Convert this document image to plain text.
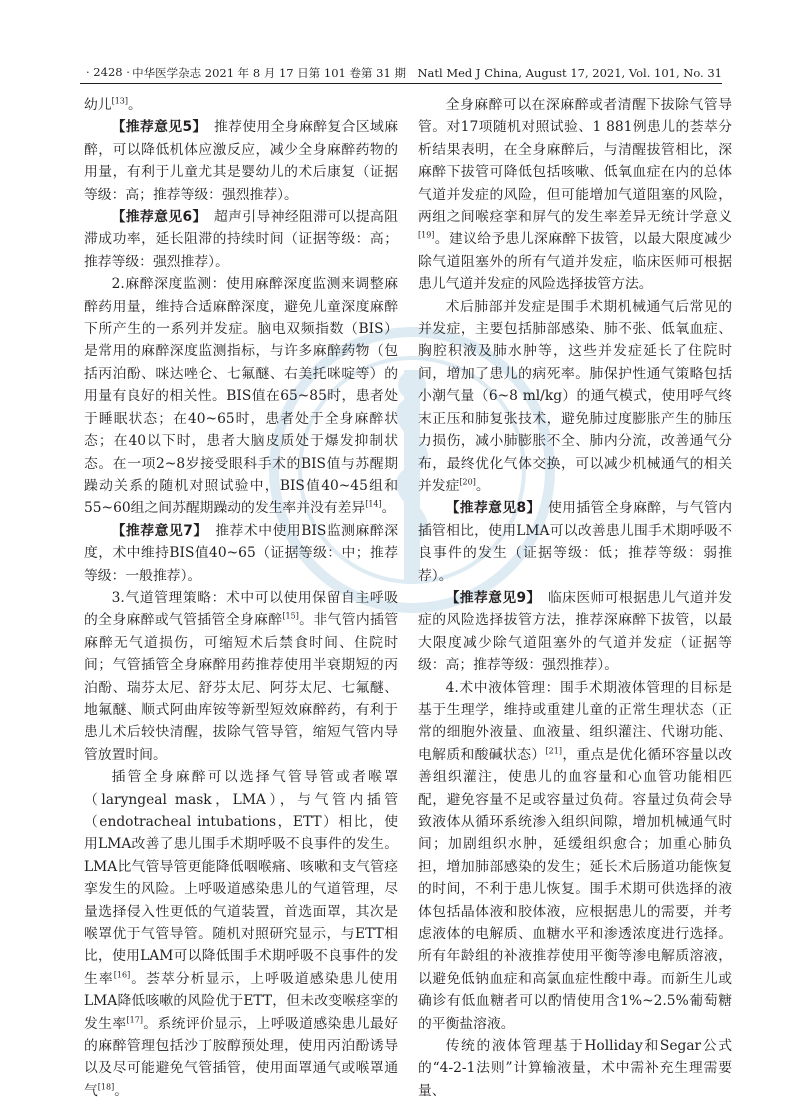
· 2428 · 中华医学杂志 2021 年 8 月 17 日第 101 卷第 31 期　Natl Med J China, August 17, 2021, Vol. 101, No. 31

幼儿[13]。

【推荐意见5】　推荐使用全身麻醉复合区域麻醉，可以降低机体应激反应，减少全身麻醉药物的用量，有利于儿童尤其是婴幼儿的术后康复（证据等级：高；推荐等级：强烈推荐）。

【推荐意见6】　超声引导神经阻滞可以提高阻滞成功率，延长阻滞的持续时间（证据等级：高；推荐等级：强烈推荐）。

2.麻醉深度监测：使用麻醉深度监测来调整麻醉药用量，维持合适麻醉深度，避免儿童深度麻醉下所产生的一系列并发症。脑电双频指数（BIS）是常用的麻醉深度监测指标，与许多麻醉药物（包括丙泊酚、咪达唑仑、七氟醚、右美托咪啶等）的用量有良好的相关性。BIS值在65~85时，患者处于睡眠状态；在40~65时，患者处于全身麻醉状态；在40以下时，患者大脑皮质处于爆发抑制状态。在一项2~8岁接受眼科手术的BIS值与苏醒期躁动关系的随机对照试验中，BIS值40~45组和55~60组之间苏醒期躁动的发生率并没有差异[14]。

【推荐意见7】　推荐术中使用BIS监测麻醉深度，术中维持BIS值40~65（证据等级：中；推荐等级：一般推荐）。

3.气道管理策略：术中可以使用保留自主呼吸的全身麻醉或气管插管全身麻醉[15]。非气管内插管麻醉无气道损伤，可缩短术后禁食时间、住院时间；气管插管全身麻醉用药推荐使用半衰期短的丙泊酚、瑞芬太尼、舒芬太尼、阿芬太尼、七氟醚、地氟醚、顺式阿曲库铵等新型短效麻醉药，有利于患儿术后较快清醒，拔除气管导管，缩短气管内导管放置时间。

插管全身麻醉可以选择气管导管或者喉罩（laryngeal mask，LMA），与气管内插管（endotracheal intubations，ETT）相比，使用LMA改善了患儿围手术期呼吸不良事件的发生。LMA比气管导管更能降低咽喉痛、咳嗽和支气管痉挛发生的风险。上呼吸道感染患儿的气道管理，尽量选择侵入性更低的气道装置，首选面罩，其次是喉罩优于气管导管。随机对照研究显示，与ETT相比，使用LAM可以降低围手术期呼吸不良事件的发生率[16]。荟萃分析显示，上呼吸道感染患儿使用LMA降低咳嗽的风险优于ETT，但未改变喉痉挛的发生率[17]。系统评价显示，上呼吸道感染患儿最好的麻醉管理包括沙丁胺醇预处理，使用丙泊酚诱导以及尽可能避免气管插管，使用面罩通气或喉罩通气[18]。

全身麻醉可以在深麻醉或者清醒下拔除气管导管。对17项随机对照试验、1 881例患儿的荟萃分析结果表明，在全身麻醉后，与清醒拔管相比，深麻醉下拔管可降低包括咳嗽、低氧血症在内的总体气道并发症的风险，但可能增加气道阻塞的风险，两组之间喉痉挛和屏气的发生率差异无统计学意义[19]。建议给予患儿深麻醉下拔管，以最大限度减少除气道阻塞外的所有气道并发症，临床医师可根据患儿气道并发症的风险选择拔管方法。

术后肺部并发症是围手术期机械通气后常见的并发症，主要包括肺部感染、肺不张、低氧血症、胸腔积液及肺水肿等，这些并发症延长了住院时间，增加了患儿的病死率。肺保护性通气策略包括小潮气量（6~8 ml/kg）的通气模式，使用呼气终末正压和肺复张技术，避免肺过度膨胀产生的肺压力损伤，减小肺膨胀不全、肺内分流，改善通气分布，最终优化气体交换，可以减少机械通气的相关并发症[20]。

【推荐意见8】　使用插管全身麻醉，与气管内插管相比，使用LMA可以改善患儿围手术期呼吸不良事件的发生（证据等级：低；推荐等级：弱推荐）。

【推荐意见9】　临床医师可根据患儿气道并发症的风险选择拔管方法，推荐深麻醉下拔管，以最大限度减少除气道阻塞外的气道并发症（证据等级：高；推荐等级：强烈推荐）。

4.术中液体管理：围手术期液体管理的目标是基于生理学，维持或重建儿童的正常生理状态（正常的细胞外液量、血液量、组织灌注、代谢功能、电解质和酸碱状态）[21]，重点是优化循环容量以改善组织灌注，使患儿的血容量和心血管功能相匹配，避免容量不足或容量过负荷。容量过负荷会导致液体从循环系统渗入组织间隙，增加机械通气时间；加剧组织水肿，延缓组织愈合；加重心肺负担，增加肺部感染的发生；延长术后肠道功能恢复的时间，不利于患儿恢复。围手术期可供选择的液体包括晶体液和胶体液，应根据患儿的需要，并考虑液体的电解质、血糖水平和渗透浓度进行选择。所有年龄组的补液推荐使用平衡等渗电解质溶液，以避免低钠血症和高氯血症性酸中毒。而新生儿或确诊有低血糖者可以酌情使用含1%~2.5%葡萄糖的平衡盐溶液。

传统的液体管理基于Holliday和Segar公式的“4-2-1法则”计算输液量，术中需补充生理需要量、
